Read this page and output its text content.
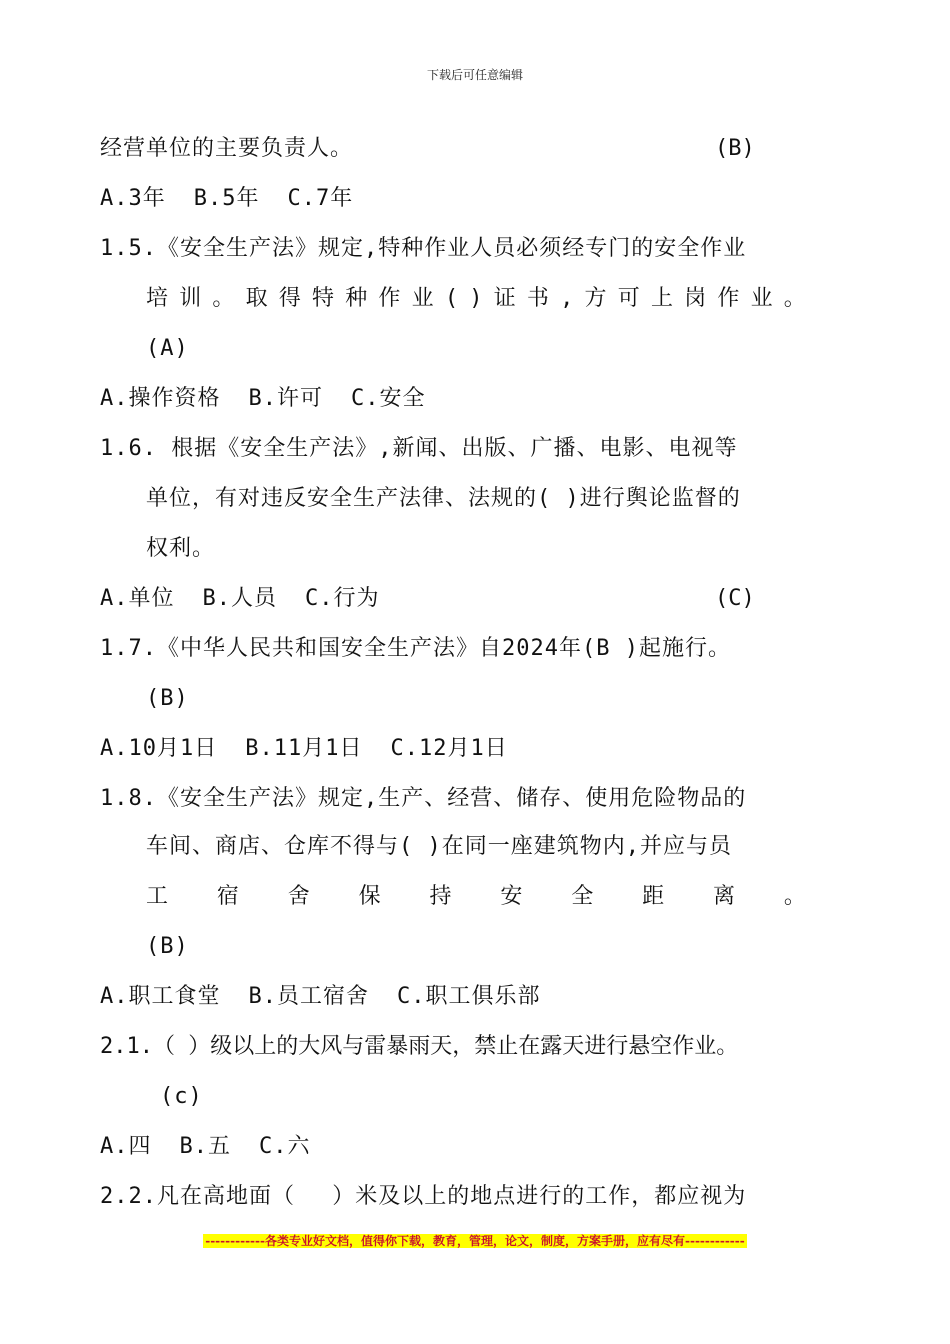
下载后可任意编辑
经营单位的主要负责人。	(B)
A.3年 B.5年 C.7年
1.5.《安全生产法》规定,特种作业人员必须经专门的安全作业
培 训 。 取 得 特 种 作 业 ( ) 证 书 , 方 可 上 岗 作 业 。
(A)
A.操作资格 B.许可 C.安全
1.6. 根据《安全生产法》,新闻、出版、广播、电影、电视等
单位，有对违反安全生产法律、法规的( )进行舆论监督的
权利。
A.单位 B.人员 C.行为	(C)
1.7.《中华人民共和国安全生产法》自2024年(B )起施行。
(B)
A.10月1日 B.11月1日 C.12月1日
1.8.《安全生产法》规定,生产、经营、储存、使用危险物品的
车间、商店、仓库不得与( )在同一座建筑物内,并应与员
工 宿 舍 保 持 安 全 距 离 。
(B)
A.职工食堂 B.员工宿舍 C.职工俱乐部
2.1.（ ）级以上的大风与雷暴雨天，禁止在露天进行悬空作业。
(c)
A.四 B.五 C.六
2.2.凡在高地面（　 ）米及以上的地点进行的工作，都应视为
------------各类专业好文档，值得你下载，教育，管理，论文，制度，方案手册，应有尽有------------
